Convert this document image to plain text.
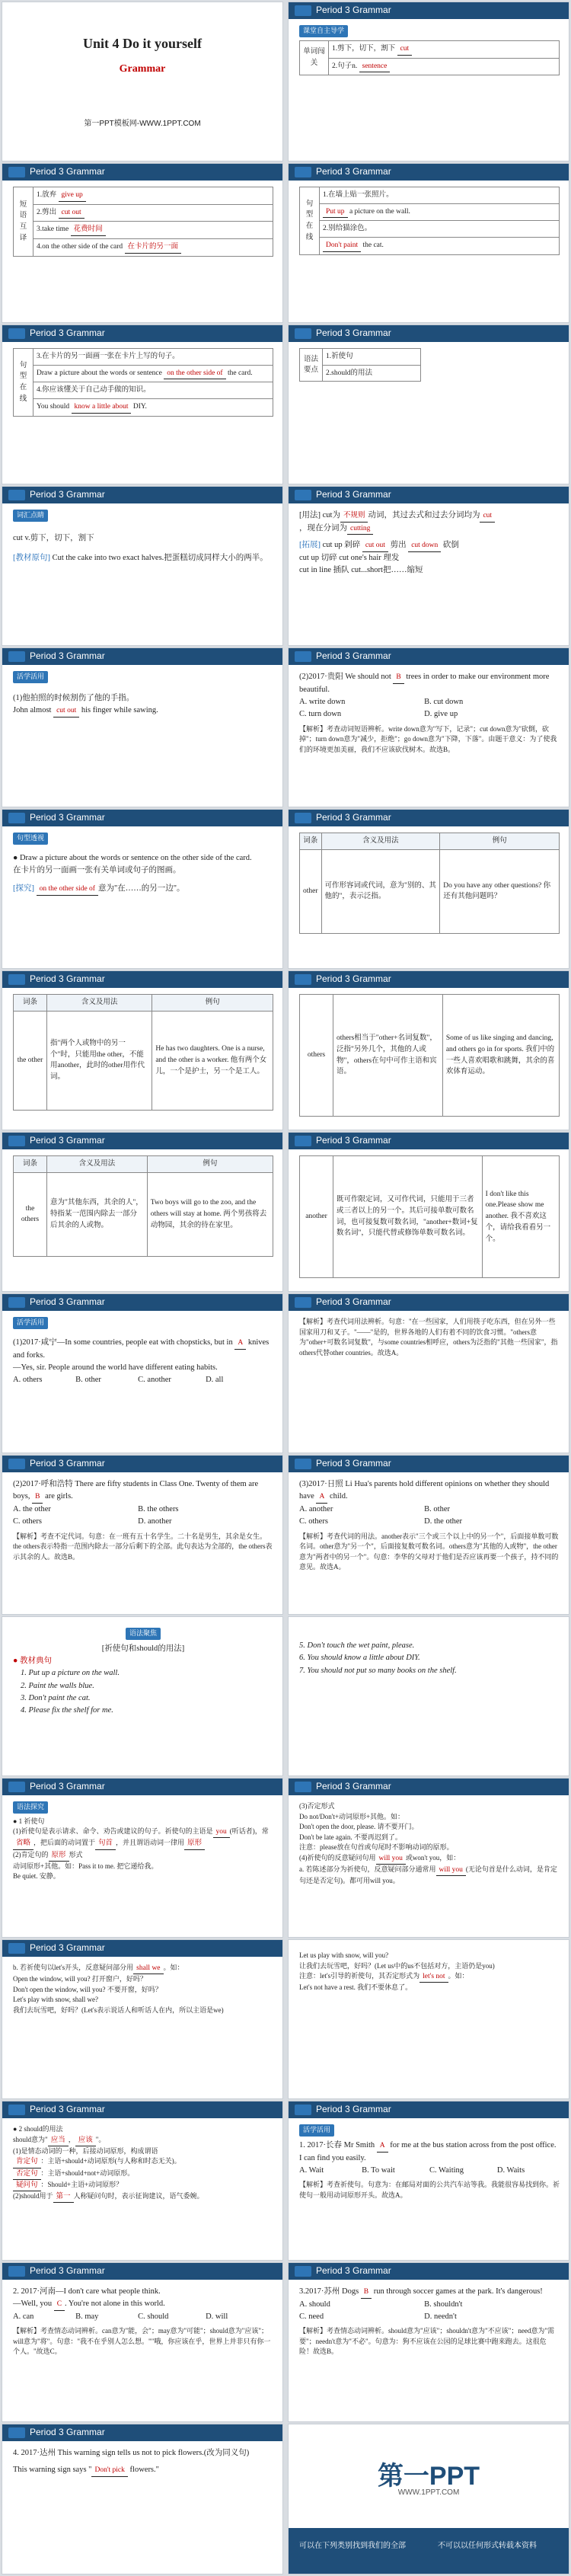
Unit 4 Do it yourself
Grammar
第一PPT模板网-WWW.1PPT.COM
Period 3 Grammar
课堂自主导学
单词闯关	1.剪下，切下，割下 cut
2.句子n. sentence
Period 3 Grammar
短语互译	1.放弃 give up
2.剪出 cut out
3.take time 花费时间
4.on the other side of the card 在卡片的另一面
Period 3 Grammar
句型在线	1.在墙上贴一张照片。
Put up a picture on the wall.
2.别给猫涂色。
Don't paint the cat.
Period 3 Grammar
句型在线	3.在卡片的另一面画一张在卡片上写的句子。
Draw a picture about the words or sentence on the other side of the card.
4.你应该懂关于自己动手做的知识。
You should know a little about DIY.
Period 3 Grammar
语法要点	1.祈使句
2.should的用法
Period 3 Grammar
词汇点睛

cut v.剪下，切下，割下

[教材原句] Cut the cake into two exact halves.把蛋糕切成同样大小的两半。

Period 3 Grammar

[用法] cut为 不规则 动词，其过去式和过去分词均为 cut

，现在分词为 cutting

[拓展] cut up 剁碎 cut out 剪出 cut down 砍倒

cut up 切碎 cut one's hair 理发

cut in line 插队 cut...short把……缩短

Period 3 Grammar
活学活用

(1)他拍照的时候割伤了他的手指。

John almost cut out his finger while sawing.

Period 3 Grammar

(2)2017·贵阳 We should not B trees in order to make our environment more beautiful.

A. write down	B. cut down

C. turn down	D. give up

【解析】考查动词短语辨析。write down意为"写下，记录"；cut down意为"砍倒，砍掉"；turn down意为"减少，拒绝"；go down意为"下降，下落"。由题干意义：为了使我们的环境更加美丽，我们不应该砍伐树木。故选B。

Period 3 Grammar
句型透视

● Draw a picture about the words or sentence on the other side of the card.

在卡片的另一面画一张有关单词或句子的图画。

[探究] on the other side of 意为"在……的另一边"。

Period 3 Grammar
词条	含义及用法	例句
other	可作形容词或代词，意为"别的、其他的"，表示泛指。	Do you have any other questions? 你还有其他问题吗？
Period 3 Grammar
词条	含义及用法	例句
the other	指"两个人或物中的另一个"时，只能用the other，不能用another，此时的other用作代词。	He has two daughters. One is a nurse, and the other is a worker. 他有两个女儿，一个是护士，另一个是工人。
Period 3 Grammar
others	others相当于"other+名词复数"，泛指"另外几个，其他的人或物"，others在句中可作主语和宾语。	Some of us like singing and dancing, and others go in for sports. 我们中的一些人喜欢唱歌和跳舞，其余的喜欢体育运动。
Period 3 Grammar
词条	含义及用法	例句
the others	意为"其他东西，其余的人"，特指某一范围内除去一部分后其余的人或物。	Two boys will go to the zoo, and the others will stay at home. 两个男孩将去动物园，其余的待在家里。
Period 3 Grammar
another	既可作限定词，又可作代词，只能用于三者或三者以上的另一个。其后可接单数可数名词，也可接复数可数名词，"another+数词+复数名词"，只能代替或修饰单数可数名词。	I don't like this one.Please show me another. 我不喜欢这个，请给我看看另一个。
Period 3 Grammar
活学活用

(1)2017·咸宁—In some countries, people eat with chopsticks, but in A knives and forks.

—Yes, sir. People around the world have different eating habits.

A. others	B. other	C. another	D. all

Period 3 Grammar

【解析】考查代词用法辨析。句意："在一些国家，人们用筷子吃东西，但在另外一些国家用刀和叉子。"——"是的，世界各地的人们有着不同的饮食习惯。"others意为"other+可数名词复数"，与some countries相呼应，others为泛指的"其他一些国家"，指others代替other countries。故选A。

Period 3 Grammar

(2)2017·呼和浩特 There are fifty students in Class One. Twenty of them are boys, B are girls.

A. the other	B. the others

C. others	D. another

【解析】考查不定代词。句意：在一班有五十名学生。二十名是男生，其余是女生。the others表示特指一范围内除去一部分后剩下的全部。此句表达为全部的，the others表示其余的人。故选B。

Period 3 Grammar

(3)2017·日照 Li Hua's parents hold different opinions on whether they should have A child.

A. another	B. other

C. others	D. the other

【解析】考查代词的用法。another表示"三个或三个以上中的另一个"，后面接单数可数名词。other意为"另一个"，后面接复数可数名词。others意为"其他的人或物"，the other意为"两者中的另一个"。句意：李华的父母对于他们是否应该再要一个孩子，持不同的意见。故选A。

语法聚焦

[祈使句和should的用法]

● 教材典句

1. Put up a picture on the wall.

2. Paint the walls blue.

3. Don't paint the cat.

4. Please fix the shelf for me.

5. Don't touch the wet paint, please.

6. You should know a little about DIY.

7. You should not put so many books on the shelf.

Period 3 Grammar
语法探究

● 1 祈使句

(1)祈使句是表示请求、命令、劝告或建议的句子。祈使句的主语是 you (听话者)，常省略 ，把后面的动词置于 句首 ，并且谓语动词一律用 原形

(2)肯定句的 原形 形式

动词原形+其他。如：Pass it to me. 把它递给我。

Be quiet. 安静。

Period 3 Grammar

(3)否定形式

Do not/Don't+动词原形+其他。如：

Don't open the door, please. 请不要开门。

Don't be late again. 不要再迟到了。

注意：please放在句首或句尾时不影响动词的原形。

(4)祈使句的反意疑问句用 will you 或won't you，如：

a. 若陈述部分为祈使句，反意疑问部分通常用 will you (无论句首是什么动词，是肯定句还是否定句)。都可用will you。

Period 3 Grammar

b. 若祈使句以let's开头，反意疑问部分用 shall we 。如：

Open the window, will you? 打开窗户，好吗？

Don't open the window, will you? 不要开窗，好吗？

Let's play with snow, shall we?

我们去玩雪吧，好吗？(Let's表示说话人和听话人在内，所以主语是we)

Let us play with snow, will you?

让我们去玩雪吧，好吗？(Let us中的us不包括对方，主语仍是you)

注意：let's引导的祈使句，其否定形式为 let's not 。如：

Let's not have a rest. 我们不要休息了。

Period 3 Grammar

● 2 should的用法

should意为" 应当 ， 应该 "。

(1)是情态动词的一种，后接动词原形，构成谓语

肯定句 ：主语+should+动词原形(与人称和时态无关)。

否定句 ：主语+should+not+动词原形。

疑问句 ：Should+主语+动词原形？

(2)should用于 第一 人称疑问句时，表示征询建议，语气委婉。

Period 3 Grammar
活学活用

1. 2017·长春 Mr Smith A for me at the bus station across from the post office. I can find you easily.

A. Wait	B. To wait	C. Waiting	D. Waits

【解析】考查祈使句。句意为：在邮局对面的公共汽车站等我。我能很容易找到你。祈使句一般用动词原形开头。故选A。

Period 3 Grammar

2. 2017·河南—I don't care what people think.

—Well, you C . You're not alone in this world.

A. can	B. may	C. should	D. will

【解析】考查情态动词辨析。can意为"能，会"；may意为"可能"；should意为"应该"；will意为"将"。句意："我不在乎别人怎么想。""哦，你应该在乎，世界上并非只有你一个人。"故选C。

Period 3 Grammar

3.2017·苏州 Dogs B run through soccer games at the park. It's dangerous!

A. should	B. shouldn't

C. need	D. needn't

【解析】考查情态动词辨析。should意为"应该"；shouldn't意为"不应该"；need意为"需要"；needn't意为"不必"。句意为：狗不应该在公园的足球比赛中跑来跑去。这很危险！故选B。

Period 3 Grammar

4. 2017·达州 This warning sign tells us not to pick flowers.(改为同义句)

This warning sign says " Don't pick flowers."	第一PPT
WWW.1PPT.COM
可以在下列类别找到我们的全部	不可以以任何形式转载本资料
